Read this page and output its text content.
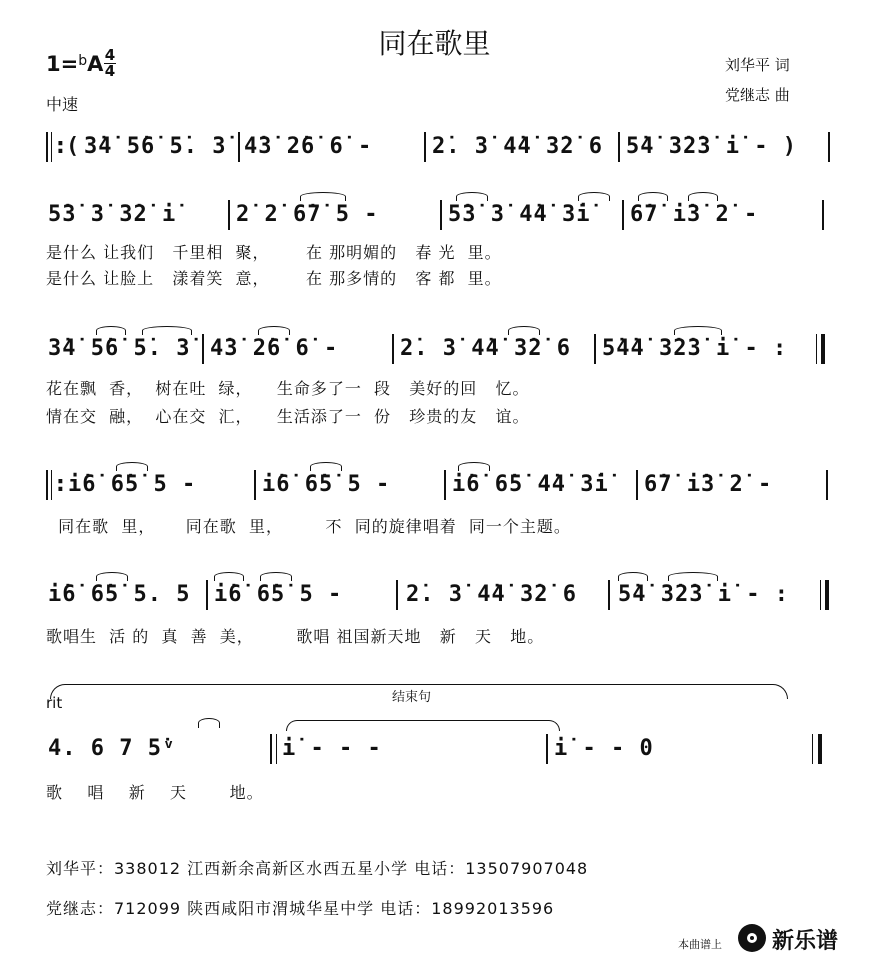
同在歌里
1=$^b$A 4
4
中速
刘华平 词
党继志 曲
: ( 3̇4̇ 5̇6̇ 5̇. 3̇ 4̇3̇ 2̇6̇ 6̇ -	2̇. 3̇ 4̇4̇ 3̇2̇ 6 5̇4̇ 3̇2̇3̇ i̇ - )
5̇3̇ 3̇ 3̇2̇ i̇	2̇ 2̇ 6̇7̇ 5 -	5̇3̇ 3̇ 4̇4̇ 3̇i̇ 6̇7̇ i̇3̇ 2̇ -
是什么 让我们   千里相  聚，      在 那明媚的   春 光  里。
是什么 让脸上   漾着笑  意，      在 那多情的   客 都  里。
3̇4̇ 5̇6̇ 5̇. 3̇ 4̇3̇ 2̇6̇ 6̇ -	2̇. 3̇ 4̇4̇ 3̇2̇ 6 5̇4̇4̇ 3̇2̇3̇ i̇ - :
花在飘  香，  树在吐  绿，    生命多了一  段   美好的回   忆。
情在交  融，  心在交  汇，    生活添了一  份   珍贵的友   谊。
: i̇6̇ 6̇5̇ 5 -	i̇6̇ 6̇5̇ 5 -	i̇6̇ 6̇5̇ 4̇4̇ 3̇i̇ 6̇7̇ i̇3̇ 2̇ -
同在歌  里，     同在歌  里，       不  同的旋律唱着  同一个主题。
i̇6̇ 6̇5̇ 5. 5 i̇6̇ 6̇5̇ 5 -	2̇. 3̇ 4̇4̇ 3̇2̇ 6 5̇4̇ 3̇2̇3̇ i̇ - :
歌唱生  活 的  真  善  美，       歌唱 祖国新天地   新   天   地。
rit	结束句
4. 6 7 5̇ᵛ	i̇ - - -	i̇ - - 0
歌    唱    新    天       地。
刘华平：338012 江西新余高新区水西五星小学 电话：13507907048
党继志：712099 陕西咸阳市渭城华星中学 电话：18992013596
本曲谱上 新乐谱
